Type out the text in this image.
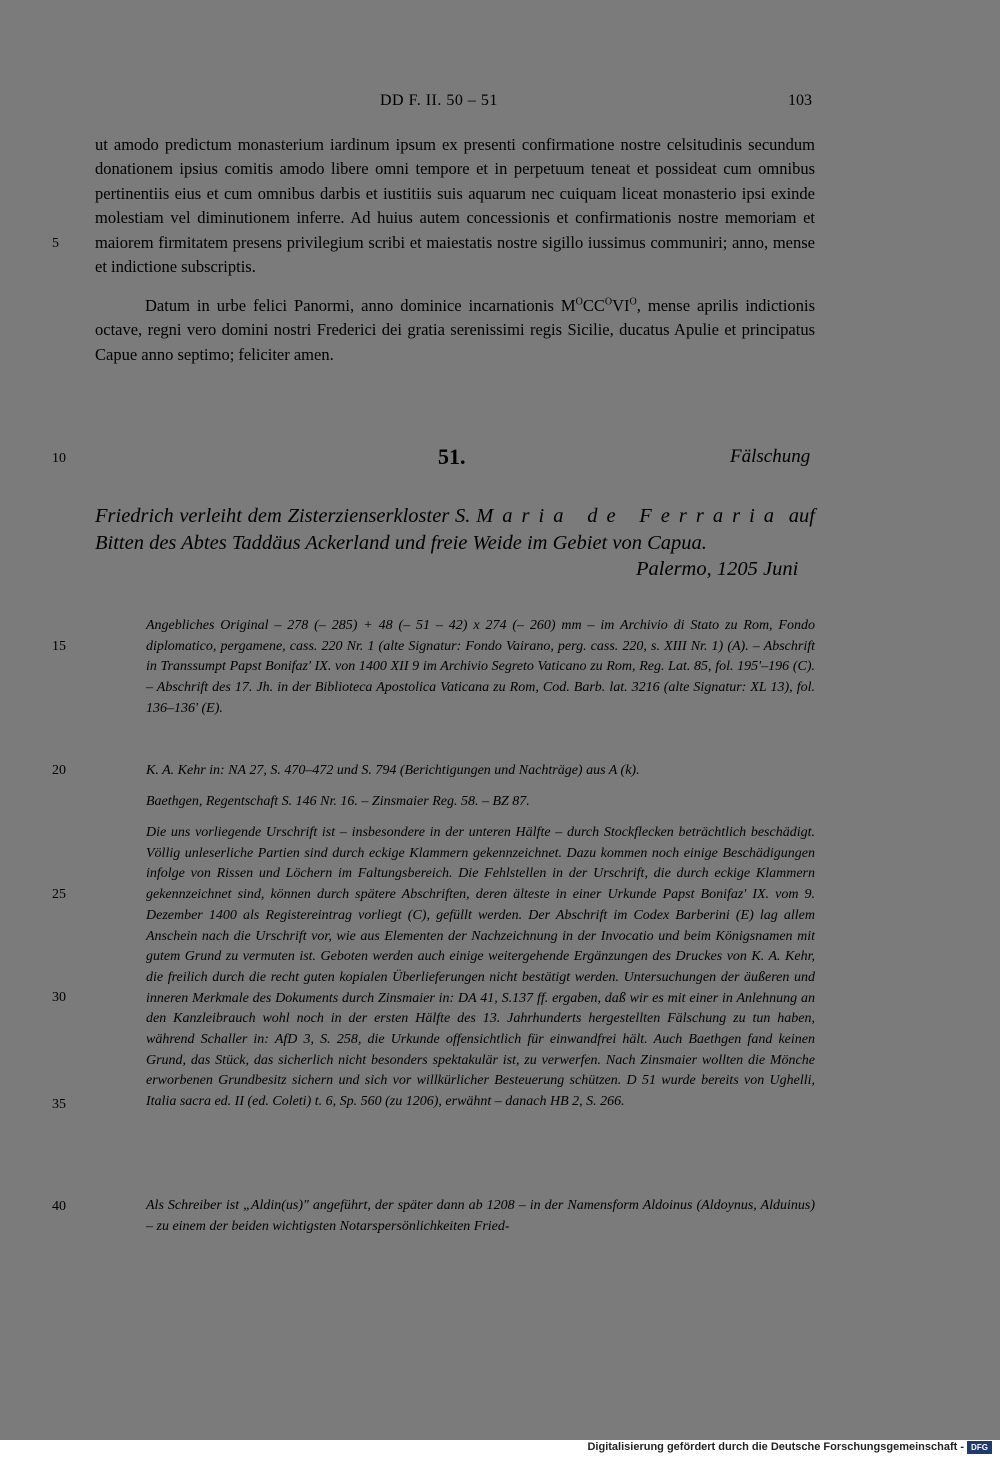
DD F. II. 50 – 51	103
ut amodo predictum monasterium iardinum ipsum ex presenti confirmatione nostre celsitudinis secundum donationem ipsius comitis amodo libere omni tempore et in perpetuum teneat et possideat cum omnibus pertinentiis eius et cum omnibus darbis et iustitiis suis aquarum nec cuiquam liceat monasterio ipsi exinde molestiam vel diminutionem inferre. Ad huius autem concessionis et confirmationis nostre memoriam et maiorem firmitatem presens privilegium scribi et maiestatis nostre sigillo iussimus communiri; anno, mense et indictione subscriptis.
Datum in urbe felici Panormi, anno dominice incarnationis $M^OCC^OVI^O$, mense aprilis indictionis octave, regni vero domini nostri Frederici dei gratia serenissimi regis Sicilie, ducatus Apulie et principatus Capue anno septimo; feliciter amen.
5
10
15
20
25
30
35
40
51.	Fälschung
Friedrich verleiht dem Zisterzienserkloster S. Maria de Ferraria auf Bitten des Abtes Taddäus Ackerland und freie Weide im Gebiet von Capua.
Palermo, 1205 Juni
Angebliches Original – 278 (– 285) + 48 (– 51 – 42) x 274 (– 260) mm – im Archivio di Stato zu Rom, Fondo diplomatico, pergamene, cass. 220 Nr. 1 (alte Signatur: Fondo Vairano, perg. cass. 220, s. XIII Nr. 1) (A). – Abschrift in Transsumpt Papst Bonifaz' IX. von 1400 XII 9 im Archivio Segreto Vaticano zu Rom, Reg. Lat. 85, fol. 195'–196 (C). – Abschrift des 17. Jh. in der Biblioteca Apostolica Vaticana zu Rom, Cod. Barb. lat. 3216 (alte Signatur: XL 13), fol. 136–136' (E).
K. A. Kehr in: NA 27, S. 470–472 und S. 794 (Berichtigungen und Nachträge) aus A (k).
Baethgen, Regentschaft S. 146 Nr. 16. – Zinsmaier Reg. 58. – BZ 87.
Die uns vorliegende Urschrift ist – insbesondere in der unteren Hälfte – durch Stockflecken beträchtlich beschädigt. Völlig unleserliche Partien sind durch eckige Klammern gekennzeichnet. Dazu kommen noch einige Beschädigungen infolge von Rissen und Löchern im Faltungsbereich. Die Fehlstellen in der Urschrift, die durch eckige Klammern gekennzeichnet sind, können durch spätere Abschriften, deren älteste in einer Urkunde Papst Bonifaz' IX. vom 9. Dezember 1400 als Registereintrag vorliegt (C), gefüllt werden. Der Abschrift im Codex Barberini (E) lag allem Anschein nach die Urschrift vor, wie aus Elementen der Nachzeichnung in der Invocatio und beim Königsnamen mit gutem Grund zu vermuten ist. Geboten werden auch einige weitergehende Ergänzungen des Druckes von K. A. Kehr, die freilich durch die recht guten kopialen Überlieferungen nicht bestätigt werden. Untersuchungen der äußeren und inneren Merkmale des Dokuments durch Zinsmaier in: DA 41, S.137 ff. ergaben, daß wir es mit einer in Anlehnung an den Kanzleibrauch wohl noch in der ersten Hälfte des 13. Jahrhunderts hergestellten Fälschung zu tun haben, während Schaller in: AfD 3, S. 258, die Urkunde offensichtlich für einwandfrei hält. Auch Baethgen fand keinen Grund, das Stück, das sicherlich nicht besonders spektakulär ist, zu verwerfen. Nach Zinsmaier wollten die Mönche erworbenen Grundbesitz sichern und sich vor willkürlicher Besteuerung schützen. D 51 wurde bereits von Ughelli, Italia sacra ed. II (ed. Coleti) t. 6, Sp. 560 (zu 1206), erwähnt – danach HB 2, S. 266.
Als Schreiber ist „Aldin(us)" angeführt, der später dann ab 1208 – in der Namensform Aldoinus (Aldoynus, Alduinus) – zu einem der beiden wichtigsten Notarspersönlichkeiten Fried-
Digitalisierung gefördert durch die Deutsche Forschungsgemeinschaft - DFG
